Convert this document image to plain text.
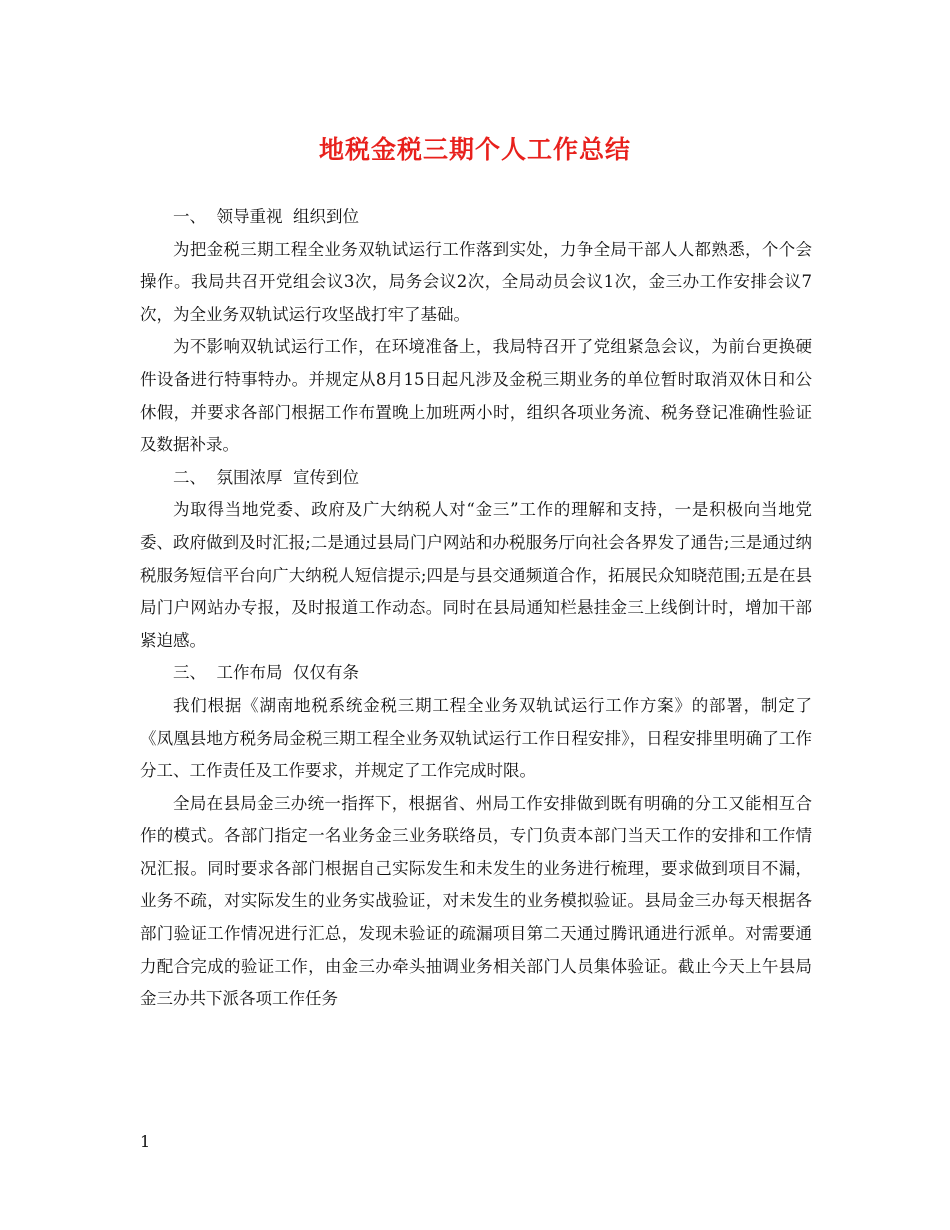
地税金税三期个人工作总结

一、  领导重视  组织到位

为把金税三期工程全业务双轨试运行工作落到实处，力争全局干部人人都熟悉，个个会操作。我局共召开党组会议3次，局务会议2次，全局动员会议1次，金三办工作安排会议7次，为全业务双轨试运行攻坚战打牢了基础。

为不影响双轨试运行工作，在环境准备上，我局特召开了党组紧急会议，为前台更换硬件设备进行特事特办。并规定从8月15日起凡涉及金税三期业务的单位暂时取消双休日和公休假，并要求各部门根据工作布置晚上加班两小时，组织各项业务流、税务登记准确性验证及数据补录。

二、  氛围浓厚  宣传到位

为取得当地党委、政府及广大纳税人对“金三”工作的理解和支持，一是积极向当地党委、政府做到及时汇报;二是通过县局门户网站和办税服务厅向社会各界发了通告;三是通过纳税服务短信平台向广大纳税人短信提示;四是与县交通频道合作，拓展民众知晓范围;五是在县局门户网站办专报，及时报道工作动态。同时在县局通知栏悬挂金三上线倒计时，增加干部紧迫感。

三、  工作布局  仅仅有条

我们根据《湖南地税系统金税三期工程全业务双轨试运行工作方案》的部署，制定了《凤凰县地方税务局金税三期工程全业务双轨试运行工作日程安排》，日程安排里明确了工作分工、工作责任及工作要求，并规定了工作完成时限。

全局在县局金三办统一指挥下，根据省、州局工作安排做到既有明确的分工又能相互合作的模式。各部门指定一名业务金三业务联络员，专门负责本部门当天工作的安排和工作情况汇报。同时要求各部门根据自己实际发生和未发生的业务进行梳理，要求做到项目不漏，业务不疏，对实际发生的业务实战验证，对未发生的业务模拟验证。县局金三办每天根据各部门验证工作情况进行汇总，发现未验证的疏漏项目第二天通过腾讯通进行派单。对需要通力配合完成的验证工作，由金三办牵头抽调业务相关部门人员集体验证。截止今天上午县局金三办共下派各项工作任务

1
